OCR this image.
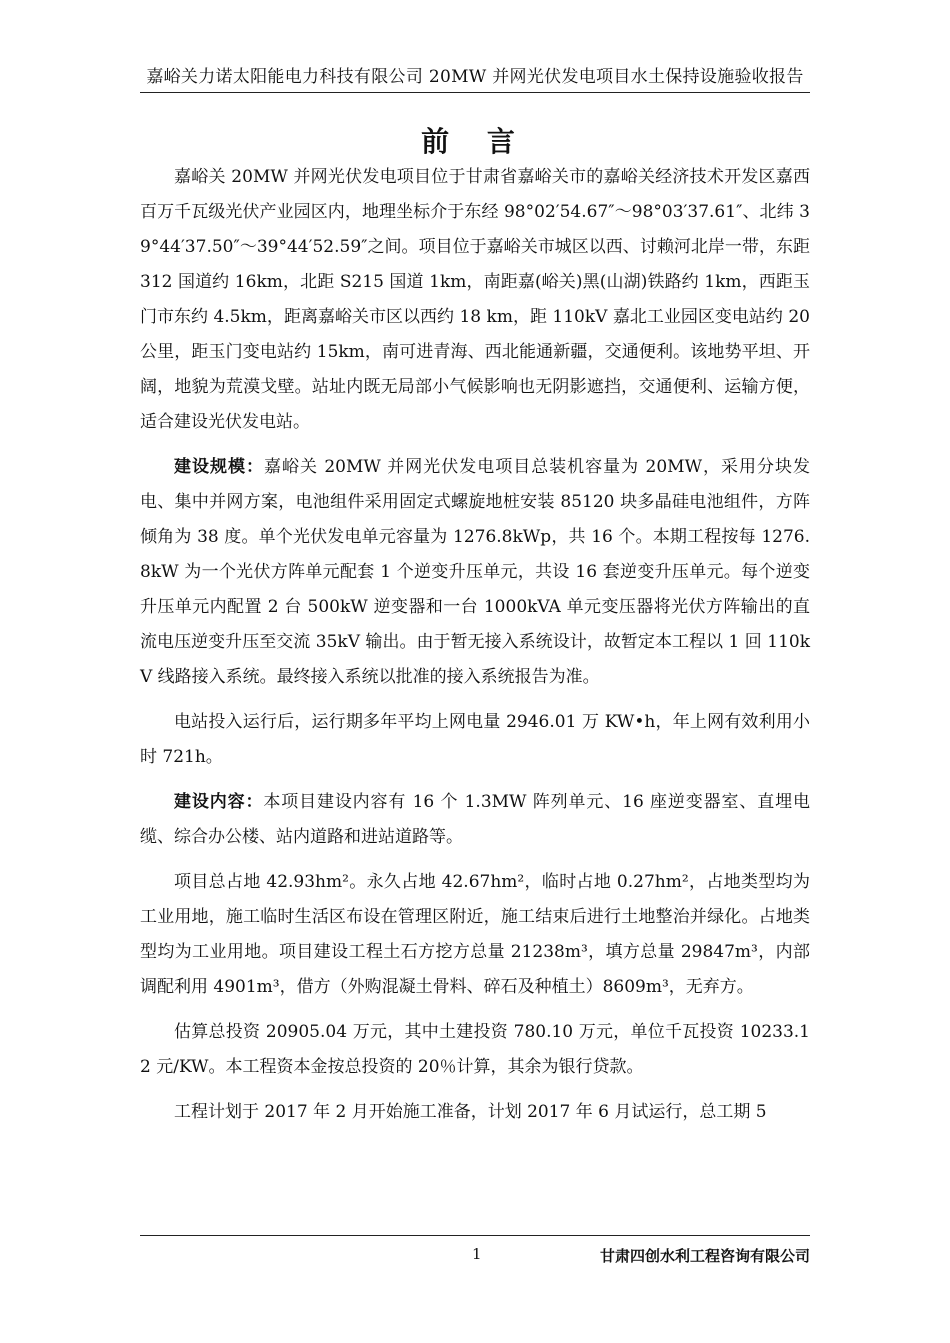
嘉峪关力诺太阳能电力科技有限公司 20MW 并网光伏发电项目水土保持设施验收报告
前 言

嘉峪关 20MW 并网光伏发电项目位于甘肃省嘉峪关市的嘉峪关经济技术开发区嘉西百万千瓦级光伏产业园区内，地理坐标介于东经 98°02′54.67″～98°03′37.61″、北纬 39°44′37.50″～39°44′52.59″之间。项目位于嘉峪关市城区以西、讨赖河北岸一带，东距 312 国道约 16km，北距 S215 国道 1km，南距嘉(峪关)黑(山湖)铁路约 1km，西距玉门市东约 4.5km，距离嘉峪关市区以西约 18 km，距 110kV 嘉北工业园区变电站约 20 公里，距玉门变电站约 15km，南可进青海、西北能通新疆，交通便利。该地势平坦、开阔，地貌为荒漠戈壁。站址内既无局部小气候影响也无阴影遮挡，交通便利、运输方便，适合建设光伏发电站。

建设规模：嘉峪关 20MW 并网光伏发电项目总装机容量为 20MW，采用分块发电、集中并网方案，电池组件采用固定式螺旋地桩安装 85120 块多晶硅电池组件，方阵倾角为 38 度。单个光伏发电单元容量为 1276.8kWp，共 16 个。本期工程按每 1276.8kW 为一个光伏方阵单元配套 1 个逆变升压单元，共设 16 套逆变升压单元。每个逆变升压单元内配置 2 台 500kW 逆变器和一台 1000kVA 单元变压器将光伏方阵输出的直流电压逆变升压至交流 35kV 输出。由于暂无接入系统设计，故暂定本工程以 1 回 110kV 线路接入系统。最终接入系统以批准的接入系统报告为准。

电站投入运行后，运行期多年平均上网电量 2946.01 万 KW•h，年上网有效利用小时 721h。

建设内容：本项目建设内容有 16 个 1.3MW 阵列单元、16 座逆变器室、直埋电缆、综合办公楼、站内道路和进站道路等。

项目总占地 42.93hm²。永久占地 42.67hm²，临时占地 0.27hm²，占地类型均为工业用地，施工临时生活区布设在管理区附近，施工结束后进行土地整治并绿化。占地类型均为工业用地。项目建设工程土石方挖方总量 21238m³，填方总量 29847m³，内部调配利用 4901m³，借方（外购混凝土骨料、碎石及种植土）8609m³，无弃方。

估算总投资 20905.04 万元，其中土建投资 780.10 万元，单位千瓦投资 10233.12 元/KW。本工程资本金按总投资的 20％计算，其余为银行贷款。

工程计划于 2017 年 2 月开始施工准备，计划 2017 年 6 月试运行，总工期 5

1	甘肃四创水利工程咨询有限公司
